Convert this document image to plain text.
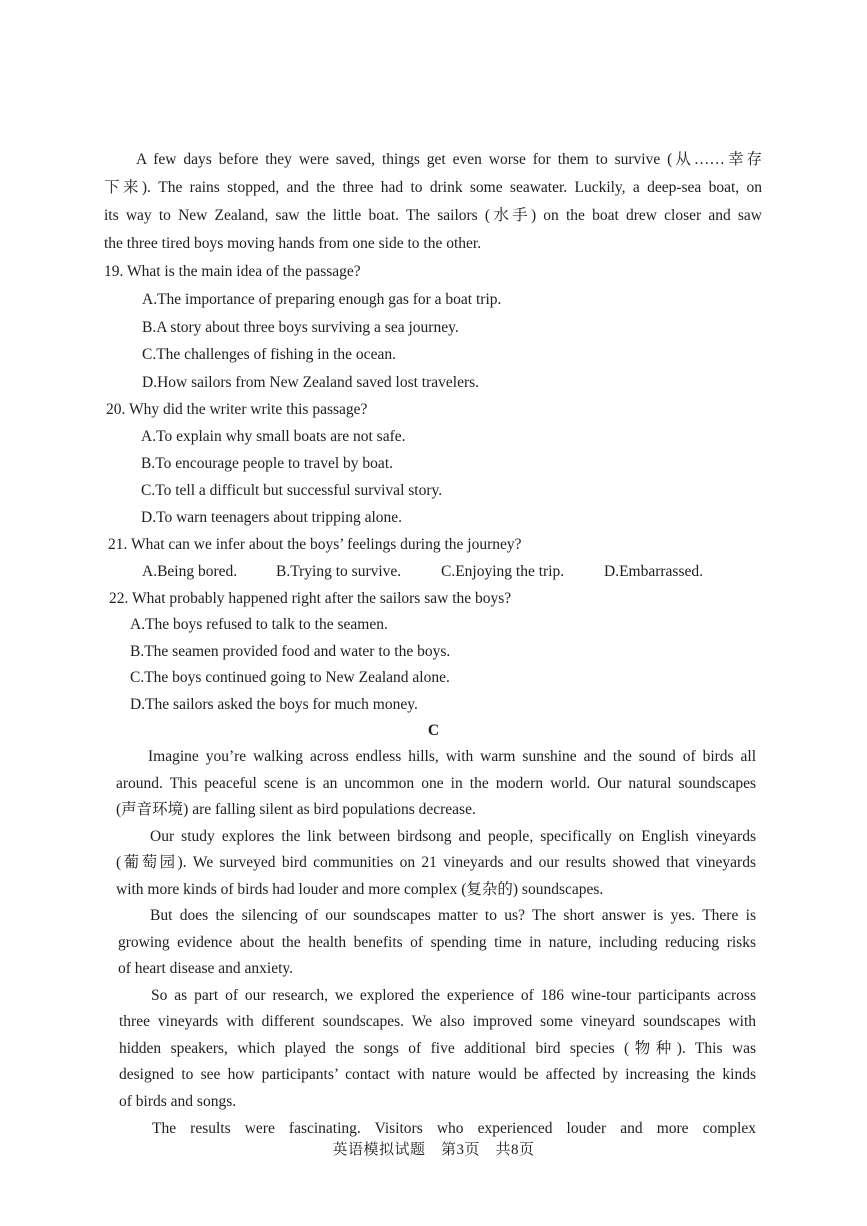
A few days before they were saved, things get even worse for them to survive (从……幸存
下来). The rains stopped, and the three had to drink some seawater. Luckily, a deep-sea boat, on
its way to New Zealand, saw the little boat. The sailors (水手) on the boat drew closer and saw
the three tired boys moving hands from one side to the other.
19. What is the main idea of the passage?
A.The importance of preparing enough gas for a boat trip.
B.A story about three boys surviving a sea journey.
C.The challenges of fishing in the ocean.
D.How sailors from New Zealand saved lost travelers.
20. Why did the writer write this passage?
A.To explain why small boats are not safe.
B.To encourage people to travel by boat.
C.To tell a difficult but successful survival story.
D.To warn teenagers about tripping alone.
21. What can we infer about the boys’ feelings during the journey?
A.Being bored.	B.Trying to survive.	C.Enjoying the trip.	D.Embarrassed.
22. What probably happened right after the sailors saw the boys?
A.The boys refused to talk to the seamen.
B.The seamen provided food and water to the boys.
C.The boys continued going to New Zealand alone.
D.The sailors asked the boys for much money.
C
Imagine you’re walking across endless hills, with warm sunshine and the sound of birds all
around. This peaceful scene is an uncommon one in the modern world. Our natural soundscapes
(声音环境) are falling silent as bird populations decrease.
Our study explores the link between birdsong and people, specifically on English vineyards
(葡萄园). We surveyed bird communities on 21 vineyards and our results showed that vineyards
with more kinds of birds had louder and more complex (复杂的) soundscapes.
But does the silencing of our soundscapes matter to us? The short answer is yes. There is
growing evidence about the health benefits of spending time in nature, including reducing risks
of heart disease and anxiety.
So as part of our research, we explored the experience of 186 wine-tour participants across
three vineyards with different soundscapes. We also improved some vineyard soundscapes with
hidden speakers, which played the songs of five additional bird species (物种). This was
designed to see how participants’ contact with nature would be affected by increasing the kinds
of birds and songs.
The results were fascinating. Visitors who experienced louder and more complex
英语模拟试题　第3页　共8页
